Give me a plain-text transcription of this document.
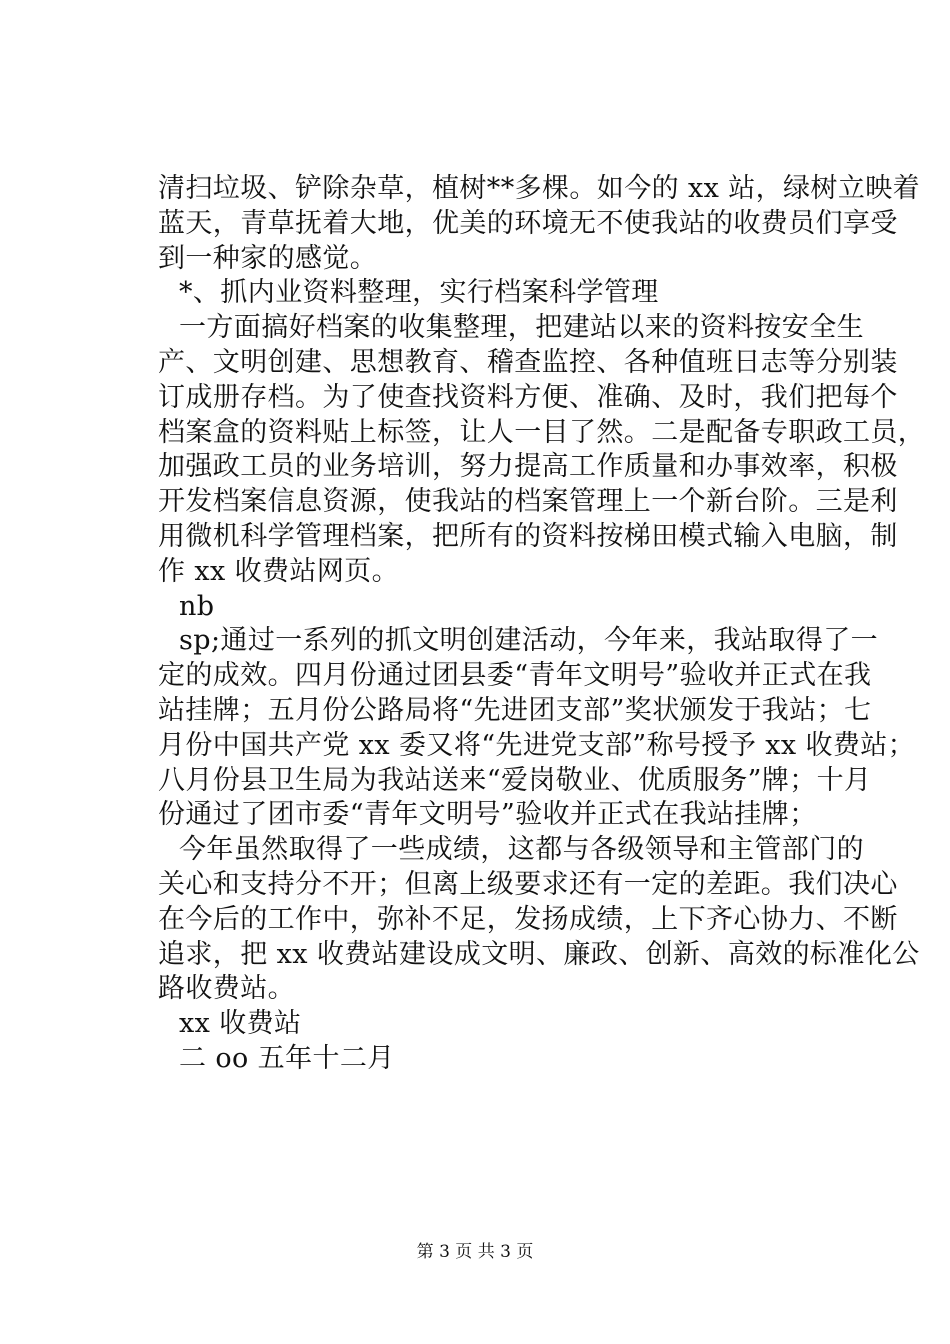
清扫垃圾、铲除杂草，植树**多棵。如今的 xx 站，绿树立映着
蓝天，青草抚着大地，优美的环境无不使我站的收费员们享受
到一种家的感觉。
*、抓内业资料整理，实行档案科学管理
一方面搞好档案的收集整理，把建站以来的资料按安全生
产、文明创建、思想教育、稽查监控、各种值班日志等分别装
订成册存档。为了使查找资料方便、准确、及时，我们把每个
档案盒的资料贴上标签，让人一目了然。二是配备专职政工员，
加强政工员的业务培训，努力提高工作质量和办事效率，积极
开发档案信息资源，使我站的档案管理上一个新台阶。三是利
用微机科学管理档案，把所有的资料按梯田模式输入电脑，制
作 xx 收费站网页。
nb
sp;通过一系列的抓文明创建活动，今年来，我站取得了一
定的成效。四月份通过团县委“青年文明号”验收并正式在我
站挂牌；五月份公路局将“先进团支部”奖状颁发于我站；七
月份中国共产党 xx 委又将“先进党支部”称号授予 xx 收费站；
八月份县卫生局为我站送来“爱岗敬业、优质服务”牌；十月
份通过了团市委“青年文明号”验收并正式在我站挂牌；
今年虽然取得了一些成绩，这都与各级领导和主管部门的
关心和支持分不开；但离上级要求还有一定的差距。我们决心
在今后的工作中，弥补不足，发扬成绩，上下齐心协力、不断
追求，把 xx 收费站建设成文明、廉政、创新、高效的标准化公
路收费站。
xx 收费站
二 oo 五年十二月
第 3 页 共 3 页
